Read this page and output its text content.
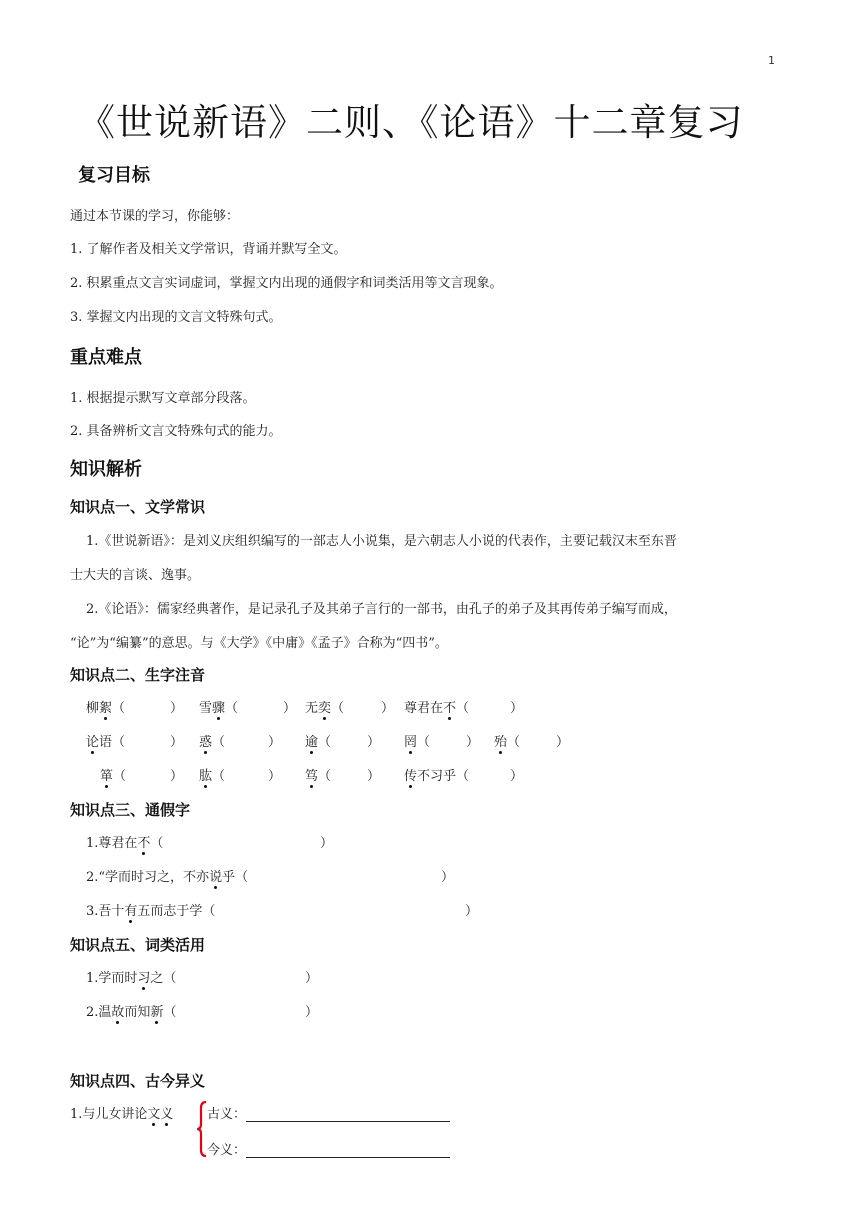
1
《世说新语》二则、《论语》十二章复习
复习目标
通过本节课的学习，你能够：
1. 了解作者及相关文学常识，背诵并默写全文。
2. 积累重点文言实词虚词，掌握文内出现的通假字和词类活用等文言现象。
3. 掌握文内出现的文言文特殊句式。
重点难点
1. 根据提示默写文章部分段落。
2. 具备辨析文言文特殊句式的能力。
知识解析
知识点一、文学常识
1.《世说新语》：是刘义庆组织编写的一部志人小说集，是六朝志人小说的代表作，主要记载汉末至东晋
士大夫的言谈、逸事。
2.《论语》：儒家经典著作，是记录孔子及其弟子言行的一部书，由孔子的弟子及其再传弟子编写而成，
“论”为“编纂”的意思。与《大学》《中庸》《孟子》合称为“四书”。
知识点二、生字注音
柳絮（	） 雪骤（	） 无奕（	） 尊君在不（	）
论语（	） 惑（	） 逾（	） 罔（	） 殆（	）
箪（	） 肱（	） 笃（	） 传不习乎（	）
知识点三、通假字
1.尊君在不（	）
2.“学而时习之，不亦说乎（	）
3.吾十有五而志于学（	）
知识点五、词类活用
1.学而时习之（	）
2.温故而知新（	）
知识点四、古今异义
1.与儿女讲论文义	古义：
今义：
